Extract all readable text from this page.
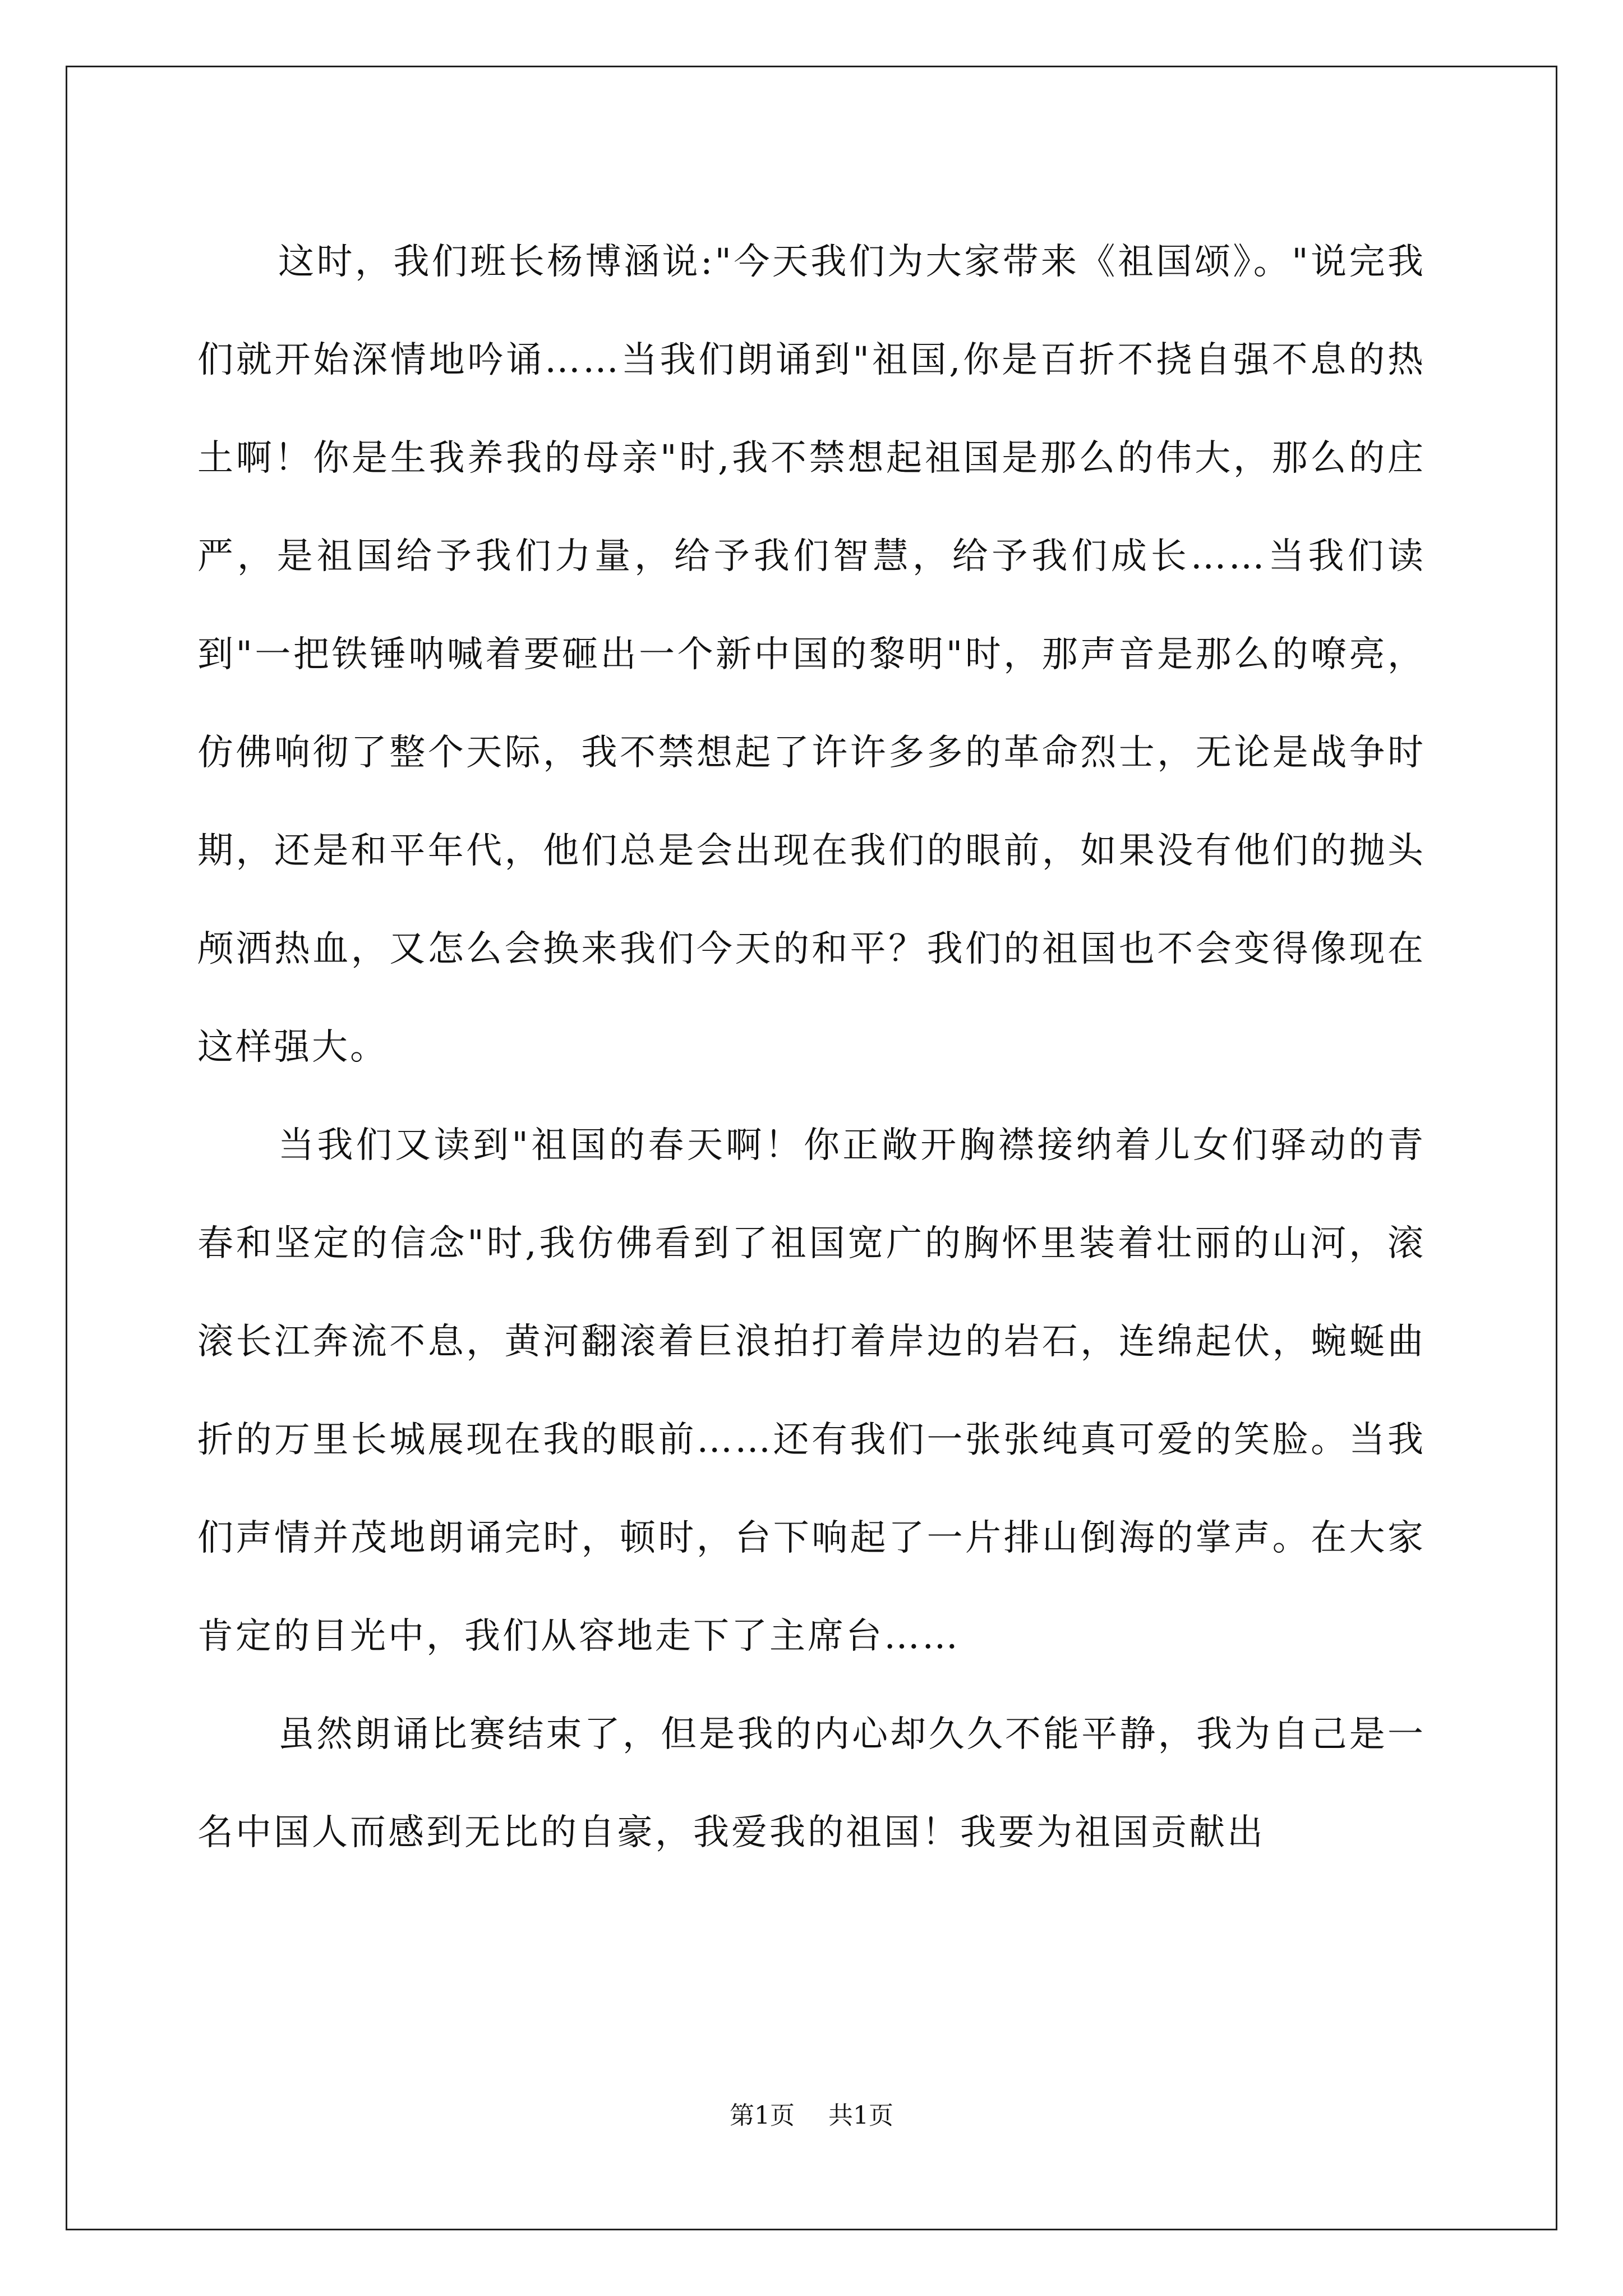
这时，我们班长杨博涵说:"今天我们为大家带来《祖国颂》。"说完我们就开始深情地吟诵……当我们朗诵到"祖国,你是百折不挠自强不息的热土啊！你是生我养我的母亲"时,我不禁想起祖国是那么的伟大，那么的庄严，是祖国给予我们力量，给予我们智慧，给予我们成长……当我们读到"一把铁锤呐喊着要砸出一个新中国的黎明"时，那声音是那么的嘹亮，仿佛响彻了整个天际，我不禁想起了许许多多的革命烈士，无论是战争时期，还是和平年代，他们总是会出现在我们的眼前，如果没有他们的抛头颅洒热血，又怎么会换来我们今天的和平？我们的祖国也不会变得像现在这样强大。

当我们又读到"祖国的春天啊！你正敞开胸襟接纳着儿女们驿动的青春和坚定的信念"时,我仿佛看到了祖国宽广的胸怀里装着壮丽的山河，滚滚长江奔流不息，黄河翻滚着巨浪拍打着岸边的岩石，连绵起伏，蜿蜒曲折的万里长城展现在我的眼前……还有我们一张张纯真可爱的笑脸。当我们声情并茂地朗诵完时，顿时，台下响起了一片排山倒海的掌声。在大家肯定的目光中，我们从容地走下了主席台……

虽然朗诵比赛结束了，但是我的内心却久久不能平静，我为自己是一名中国人而感到无比的自豪，我爱我的祖国！我要为祖国贡献出

第1页 共1页
